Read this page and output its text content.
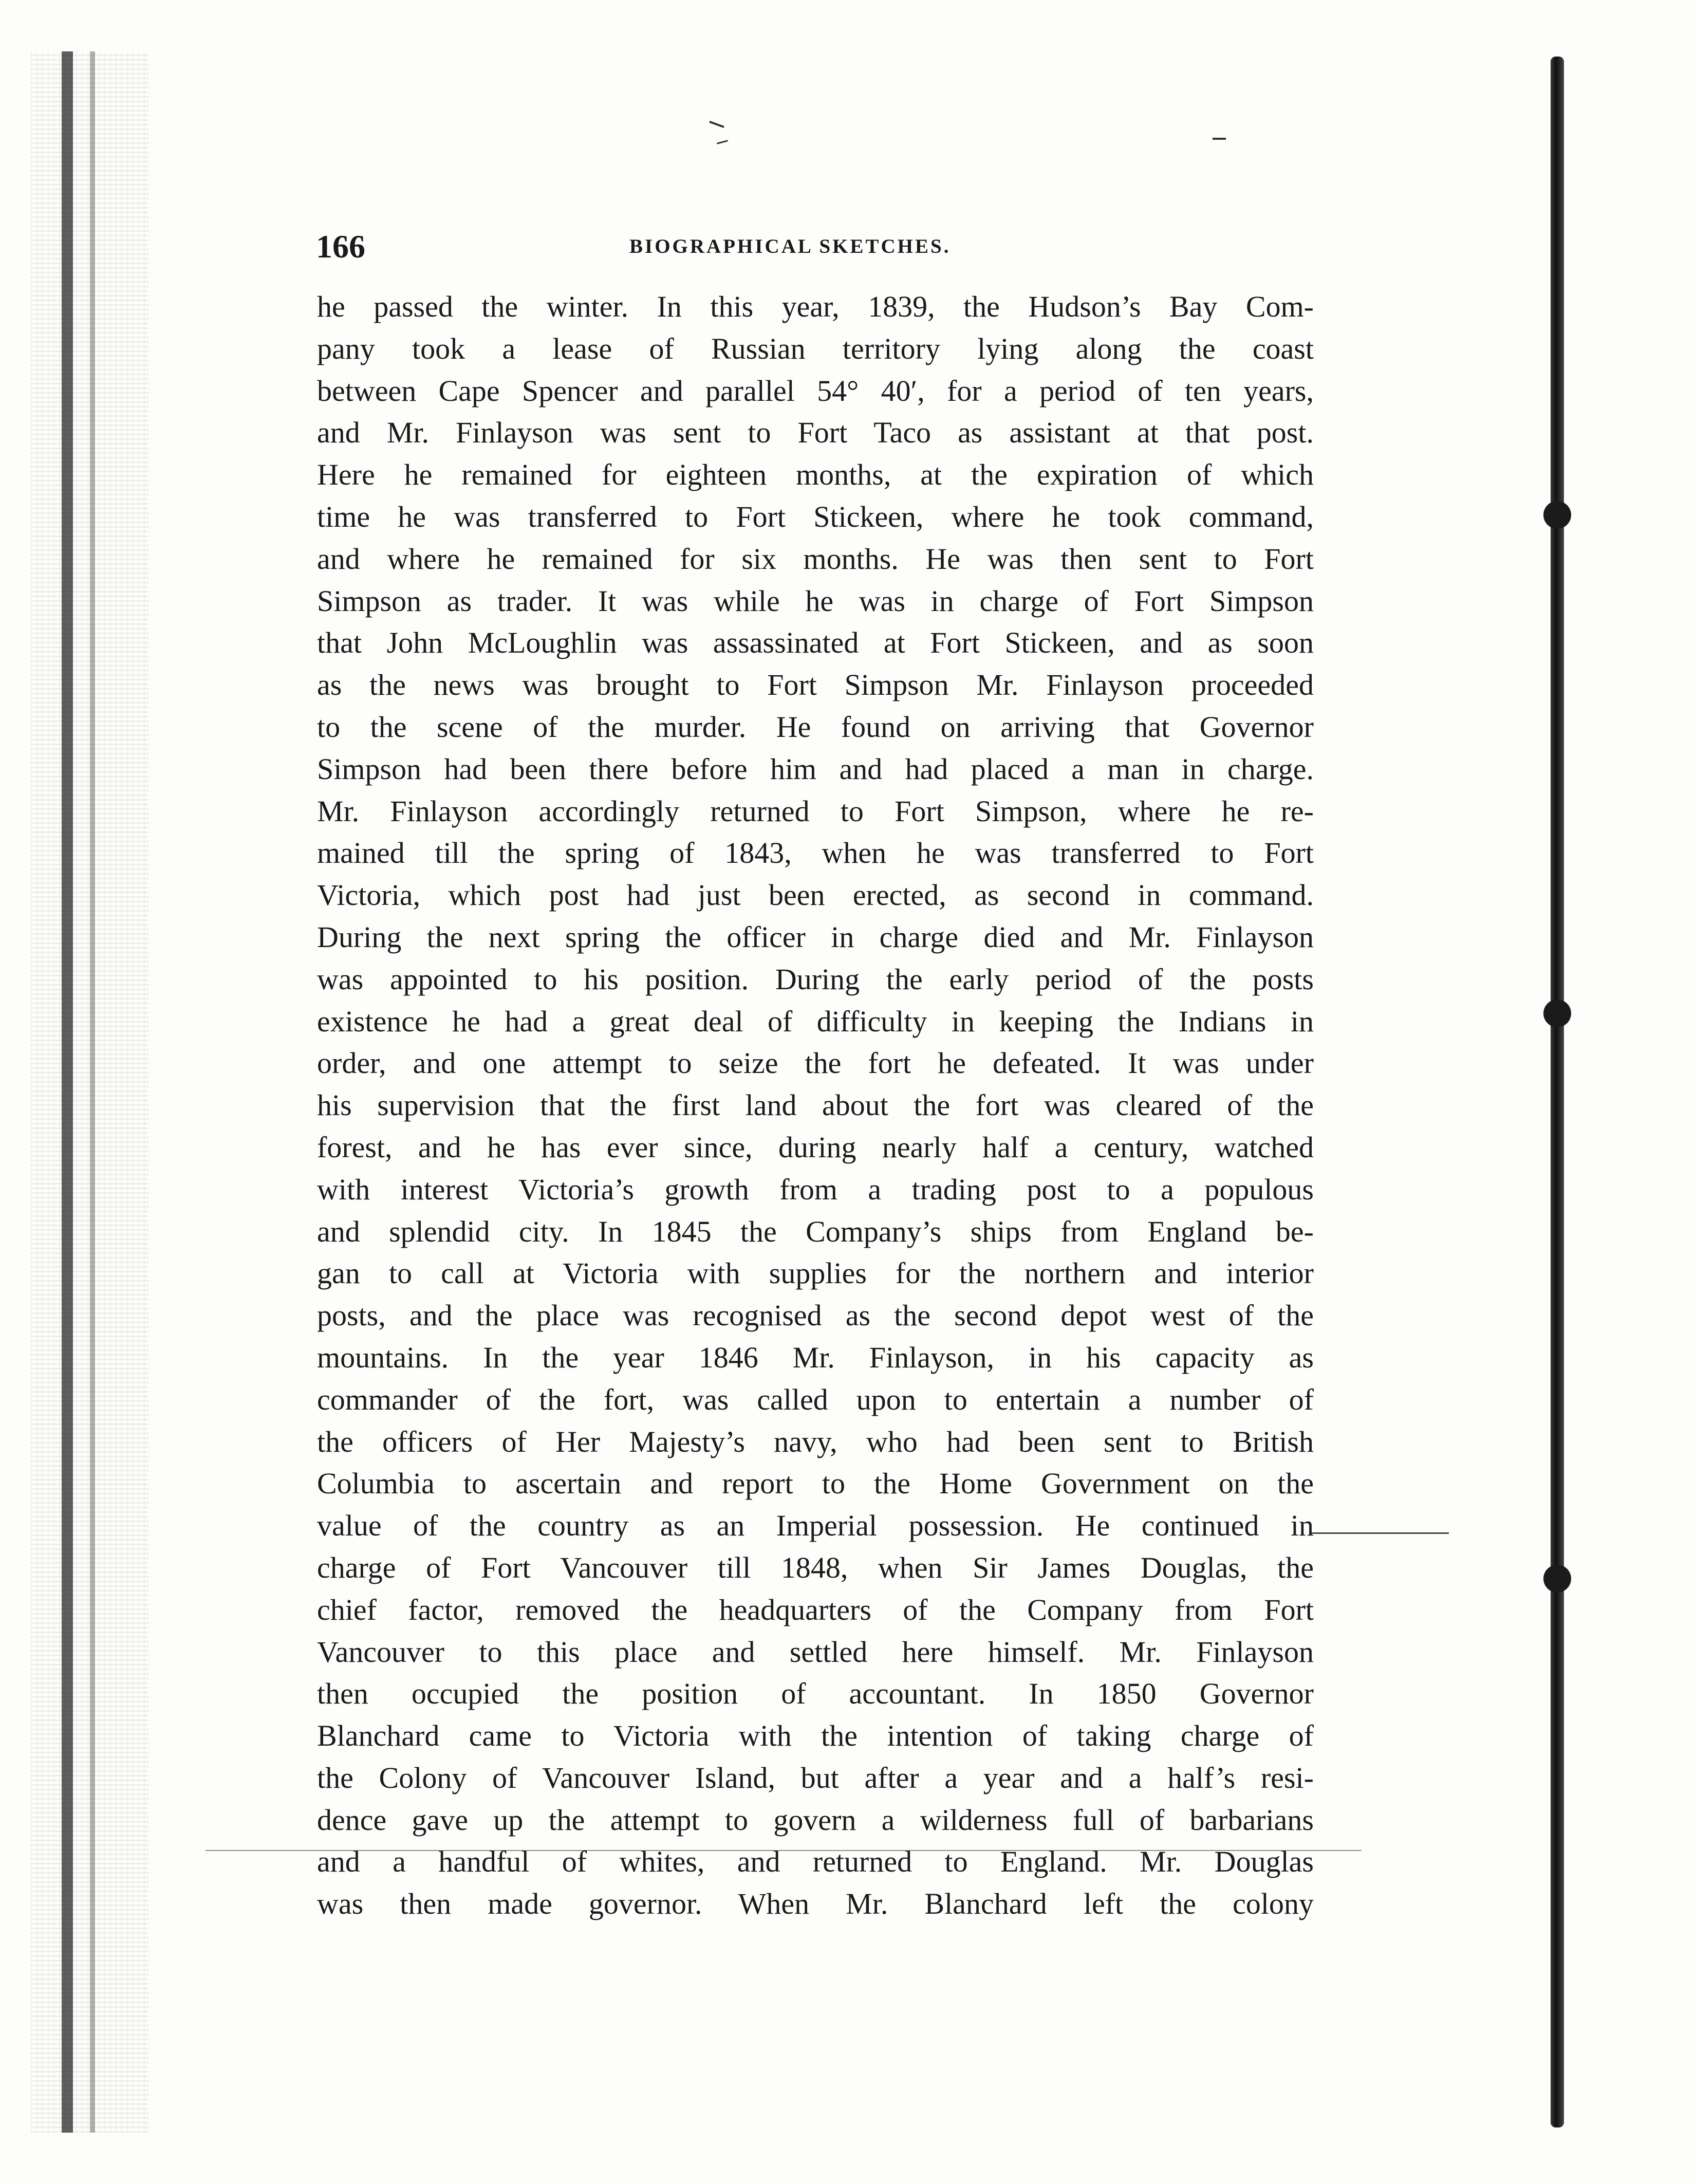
166	BIOGRAPHICAL SKETCHES.
he passed the winter. In this year, 1839, the Hudson’s Bay Com-
pany took a lease of Russian territory lying along the coast
between Cape Spencer and parallel 54° 40′, for a period of ten years,
and Mr. Finlayson was sent to Fort Taco as assistant at that post.
Here he remained for eighteen months, at the expiration of which
time he was transferred to Fort Stickeen, where he took command,
and where he remained for six months. He was then sent to Fort
Simpson as trader. It was while he was in charge of Fort Simpson
that John McLoughlin was assassinated at Fort Stickeen, and as soon
as the news was brought to Fort Simpson Mr. Finlayson proceeded
to the scene of the murder. He found on arriving that Governor
Simpson had been there before him and had placed a man in charge.
Mr. Finlayson accordingly returned to Fort Simpson, where he re-
mained till the spring of 1843, when he was transferred to Fort
Victoria, which post had just been erected, as second in command.
During the next spring the officer in charge died and Mr. Finlayson
was appointed to his position. During the early period of the posts
existence he had a great deal of difficulty in keeping the Indians in
order, and one attempt to seize the fort he defeated. It was under
his supervision that the first land about the fort was cleared of the
forest, and he has ever since, during nearly half a century, watched
with interest Victoria’s growth from a trading post to a populous
and splendid city. In 1845 the Company’s ships from England be-
gan to call at Victoria with supplies for the northern and interior
posts, and the place was recognised as the second depot west of the
mountains. In the year 1846 Mr. Finlayson, in his capacity as
commander of the fort, was called upon to entertain a number of
the officers of Her Majesty’s navy, who had been sent to British
Columbia to ascertain and report to the Home Government on the
value of the country as an Imperial possession. He continued in
charge of Fort Vancouver till 1848, when Sir James Douglas, the
chief factor, removed the headquarters of the Company from Fort
Vancouver to this place and settled here himself. Mr. Finlayson
then occupied the position of accountant. In 1850 Governor
Blanchard came to Victoria with the intention of taking charge of
the Colony of Vancouver Island, but after a year and a half’s resi-
dence gave up the attempt to govern a wilderness full of barbarians
and a handful of whites, and returned to England. Mr. Douglas
was then made governor. When Mr. Blanchard left the colony
